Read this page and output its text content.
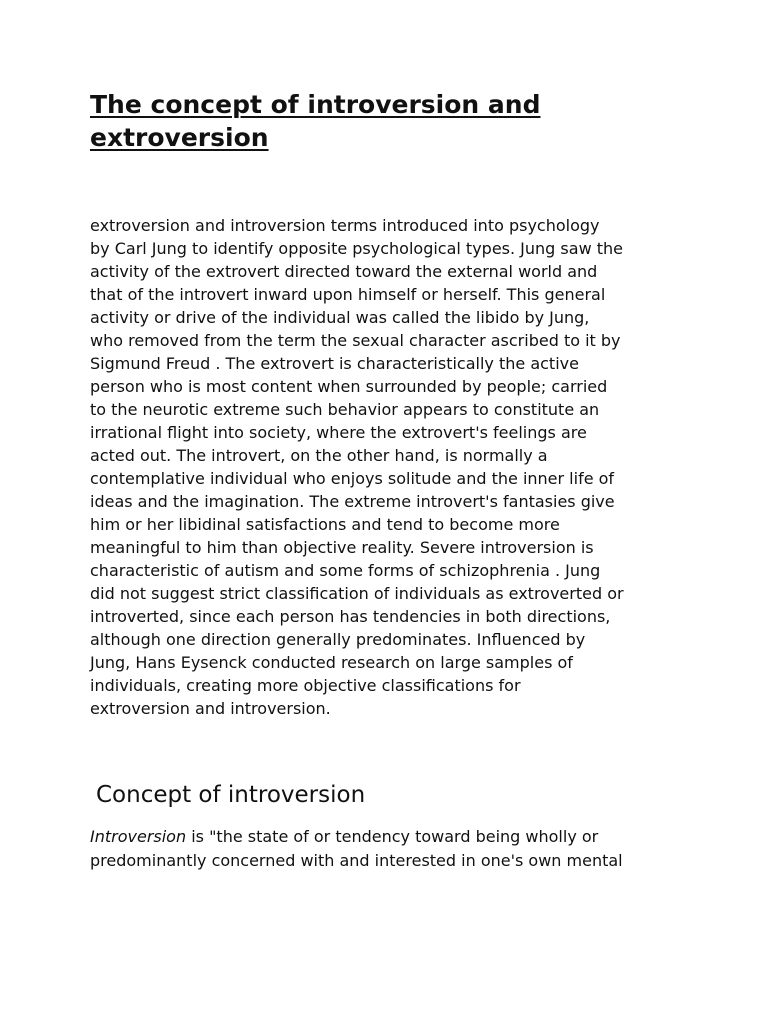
The concept of introversion and
extroversion

extroversion and introversion terms introduced into psychology
by Carl Jung to identify opposite psychological types. Jung saw the
activity of the extrovert directed toward the external world and
that of the introvert inward upon himself or herself. This general
activity or drive of the individual was called the libido by Jung,
who removed from the term the sexual character ascribed to it by
Sigmund Freud . The extrovert is characteristically the active
person who is most content when surrounded by people; carried
to the neurotic extreme such behavior appears to constitute an
irrational flight into society, where the extrovert's feelings are
acted out. The introvert, on the other hand, is normally a
contemplative individual who enjoys solitude and the inner life of
ideas and the imagination. The extreme introvert's fantasies give
him or her libidinal satisfactions and tend to become more
meaningful to him than objective reality. Severe introversion is
characteristic of autism and some forms of schizophrenia . Jung
did not suggest strict classification of individuals as extroverted or
introverted, since each person has tendencies in both directions,
although one direction generally predominates. Influenced by
Jung, Hans Eysenck conducted research on large samples of
individuals, creating more objective classifications for
extroversion and introversion.

Concept of introversion

Introversion is "the state of or tendency toward being wholly or
predominantly concerned with and interested in one's own mental
